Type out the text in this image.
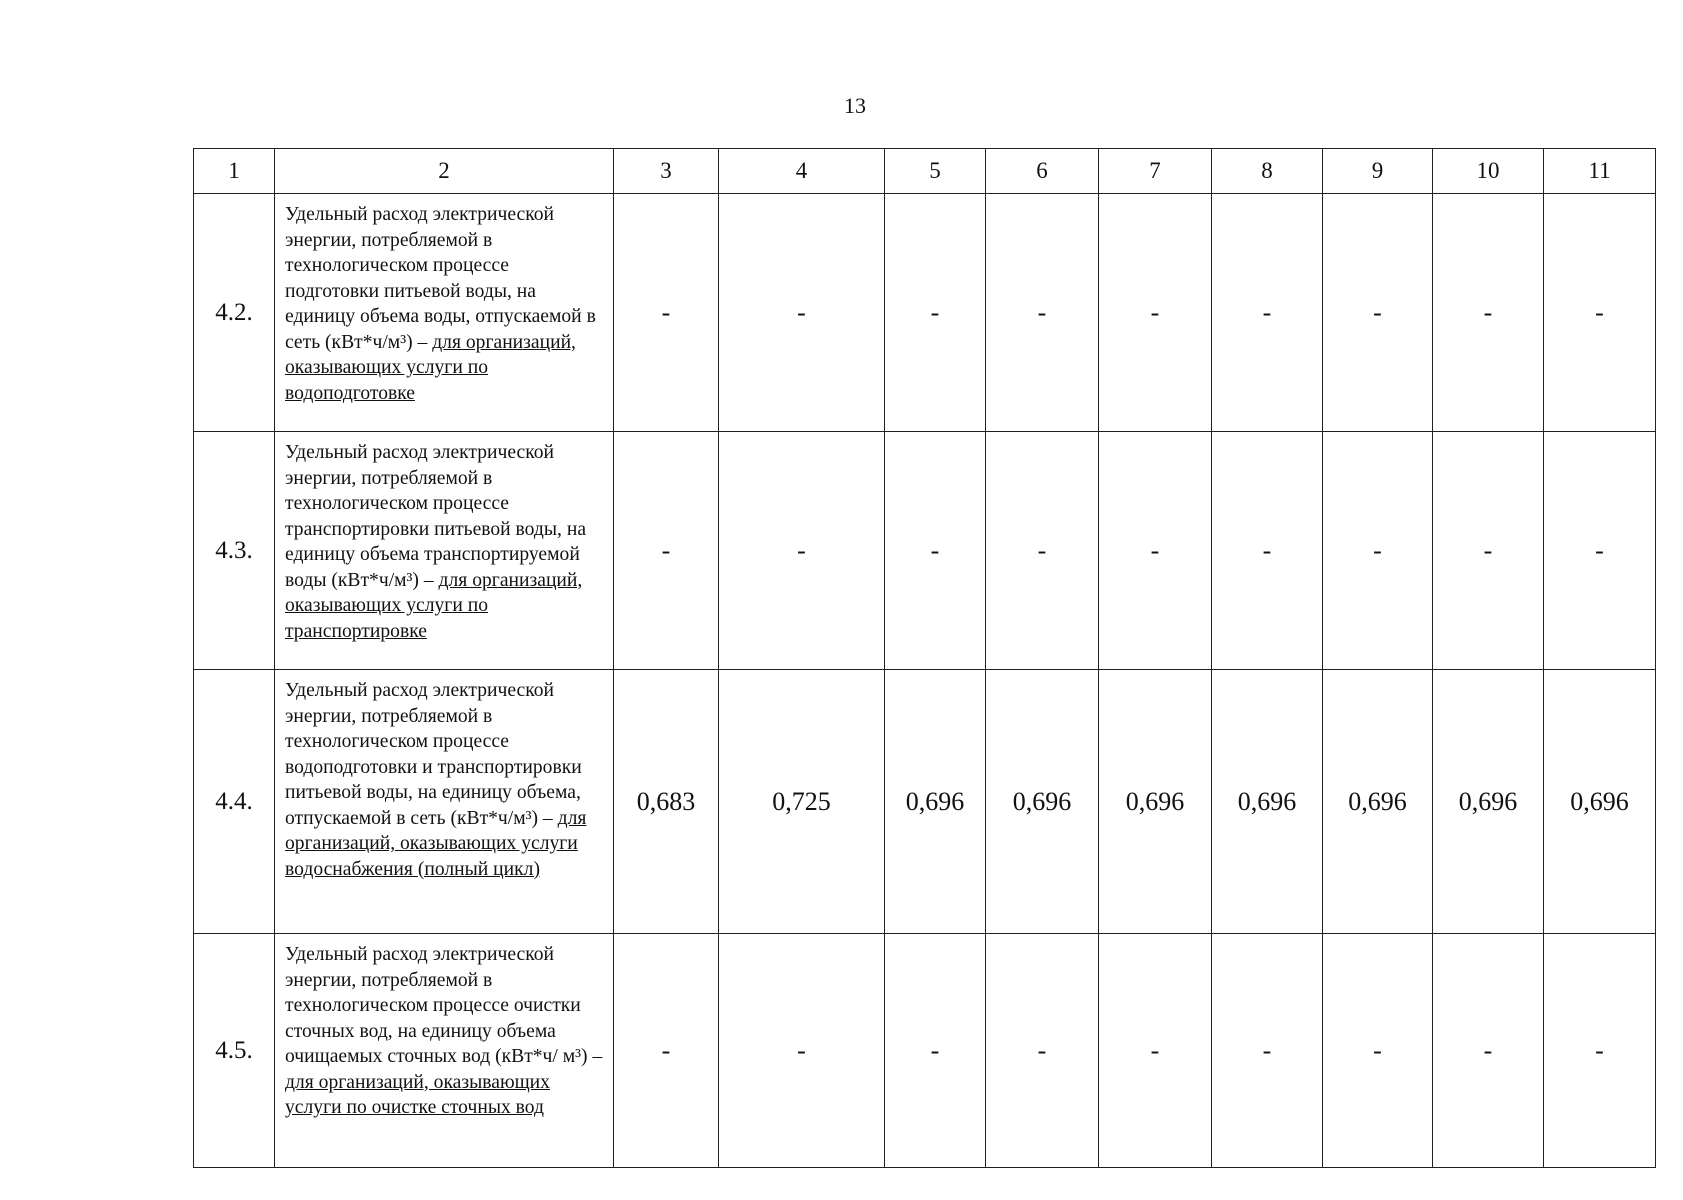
13
1	2	3	4	5	6	7	8	9	10	11
4.2.	Удельный расход электрической энергии, потребляемой в технологическом процессе подготовки питьевой воды, на единицу объема воды, отпускаемой в сеть (кВт*ч/м³) – для организаций, оказывающих услуги по водоподготовке	-	-	-	-	-	-	-	-	-
4.3.	Удельный расход электрической энергии, потребляемой в технологическом процессе транспортировки питьевой воды, на единицу объема транспортируемой воды (кВт*ч/м³) – для организаций, оказывающих услуги по транспортировке	-	-	-	-	-	-	-	-	-
4.4.	Удельный расход электрической энергии, потребляемой в технологическом процессе водоподготовки и транспортировки питьевой воды, на единицу объема, отпускаемой в сеть (кВт*ч/м³) – для организаций, оказывающих услуги водоснабжения (полный цикл)	0,683	0,725	0,696	0,696	0,696	0,696	0,696	0,696	0,696
4.5.	Удельный расход электрической энергии, потребляемой в технологическом процессе очистки сточных вод, на единицу объема очищаемых сточных вод (кВт*ч/ м³) – для организаций, оказывающих услуги по очистке сточных вод	-	-	-	-	-	-	-	-	-
